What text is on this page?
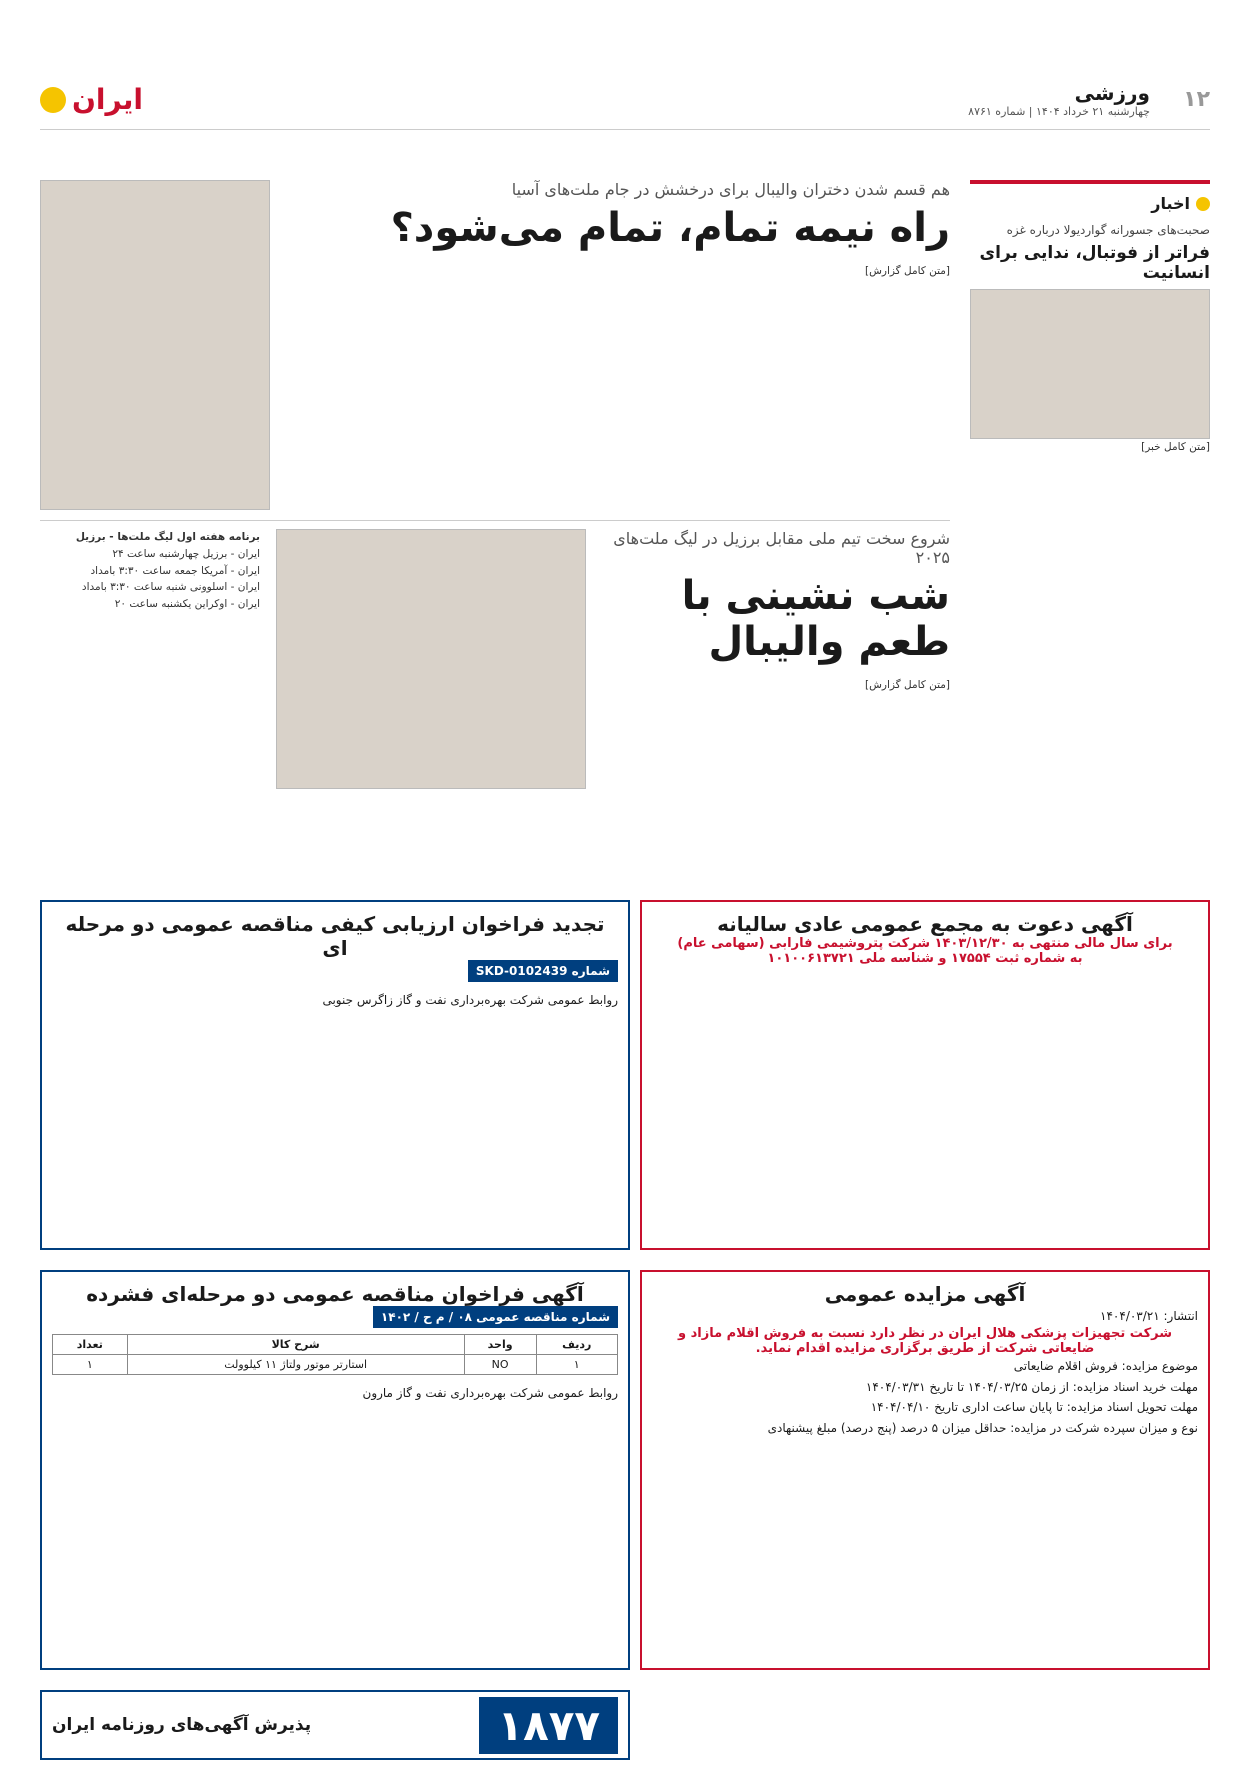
۱۲
ورزشی
چهارشنبه ۲۱ خرداد ۱۴۰۴ | شماره ۸۷۶۱
ایران
اخبار
صحبت‌های جسورانه گواردیولا درباره غزه
فراتر از فوتبال، ندایی برای انسانیت
[متن کامل خبر]
هم قسم شدن دختران والیبال برای درخشش در جام ملت‌های آسیا
راه نیمه تمام، تمام می‌شود؟
[متن کامل گزارش]
شروع سخت تیم ملی مقابل برزیل در لیگ ملت‌های ۲۰۲۵
شب نشینی با طعم والیبال
[متن کامل گزارش]
برنامه هفته اول لیگ ملت‌ها - برزیل
ایران - برزیل چهارشنبه ساعت ۲۴
ایران - آمریکا جمعه ساعت ۳:۳۰ بامداد
ایران - اسلوونی شنبه ساعت ۳:۳۰ بامداد
ایران - اوکراین یکشنبه ساعت ۲۰
آگهی دعوت به مجمع عمومی عادی سالیانه
برای سال مالی منتهی به ۱۴۰۳/۱۲/۳۰ شرکت پتروشیمی فارابی (سهامی عام)
به شماره ثبت ۱۷۵۵۴ و شناسه ملی ۱۰۱۰۰۶۱۳۷۲۱
تجدید فراخوان ارزیابی کیفی مناقصه عمومی دو مرحله ای
شماره SKD-0102439
روابط عمومی شرکت بهره‌برداری نفت و گاز زاگرس جنوبی
آگهی مزایده عمومی
انتشار: ۱۴۰۴/۰۳/۲۱
شرکت تجهیزات پزشکی هلال ایران در نظر دارد نسبت به فروش اقلام مازاد و ضایعاتی شرکت از طریق برگزاری مزایده اقدام نماید.
موضوع مزایده: فروش اقلام ضایعاتی
مهلت خرید اسناد مزایده: از زمان ۱۴۰۴/۰۳/۲۵ تا تاریخ ۱۴۰۴/۰۳/۳۱
مهلت تحویل اسناد مزایده: تا پایان ساعت اداری تاریخ ۱۴۰۴/۰۴/۱۰
نوع و میزان سپرده شرکت در مزایده: حداقل میزان ۵ درصد (پنج درصد) مبلغ پیشنهادی
آگهی فراخوان مناقصه عمومی دو مرحله‌ای فشرده
شماره مناقصه عمومی ۰۸ / م ح / ۱۴۰۲
ردیف	واحد	شرح کالا	تعداد
۱	NO	استارتر موتور ولتاژ ۱۱ کیلوولت	۱
روابط عمومی شرکت بهره‌برداری نفت و گاز مارون
۱۸۷۷
پذیرش آگهی‌های روزنامه ایران
